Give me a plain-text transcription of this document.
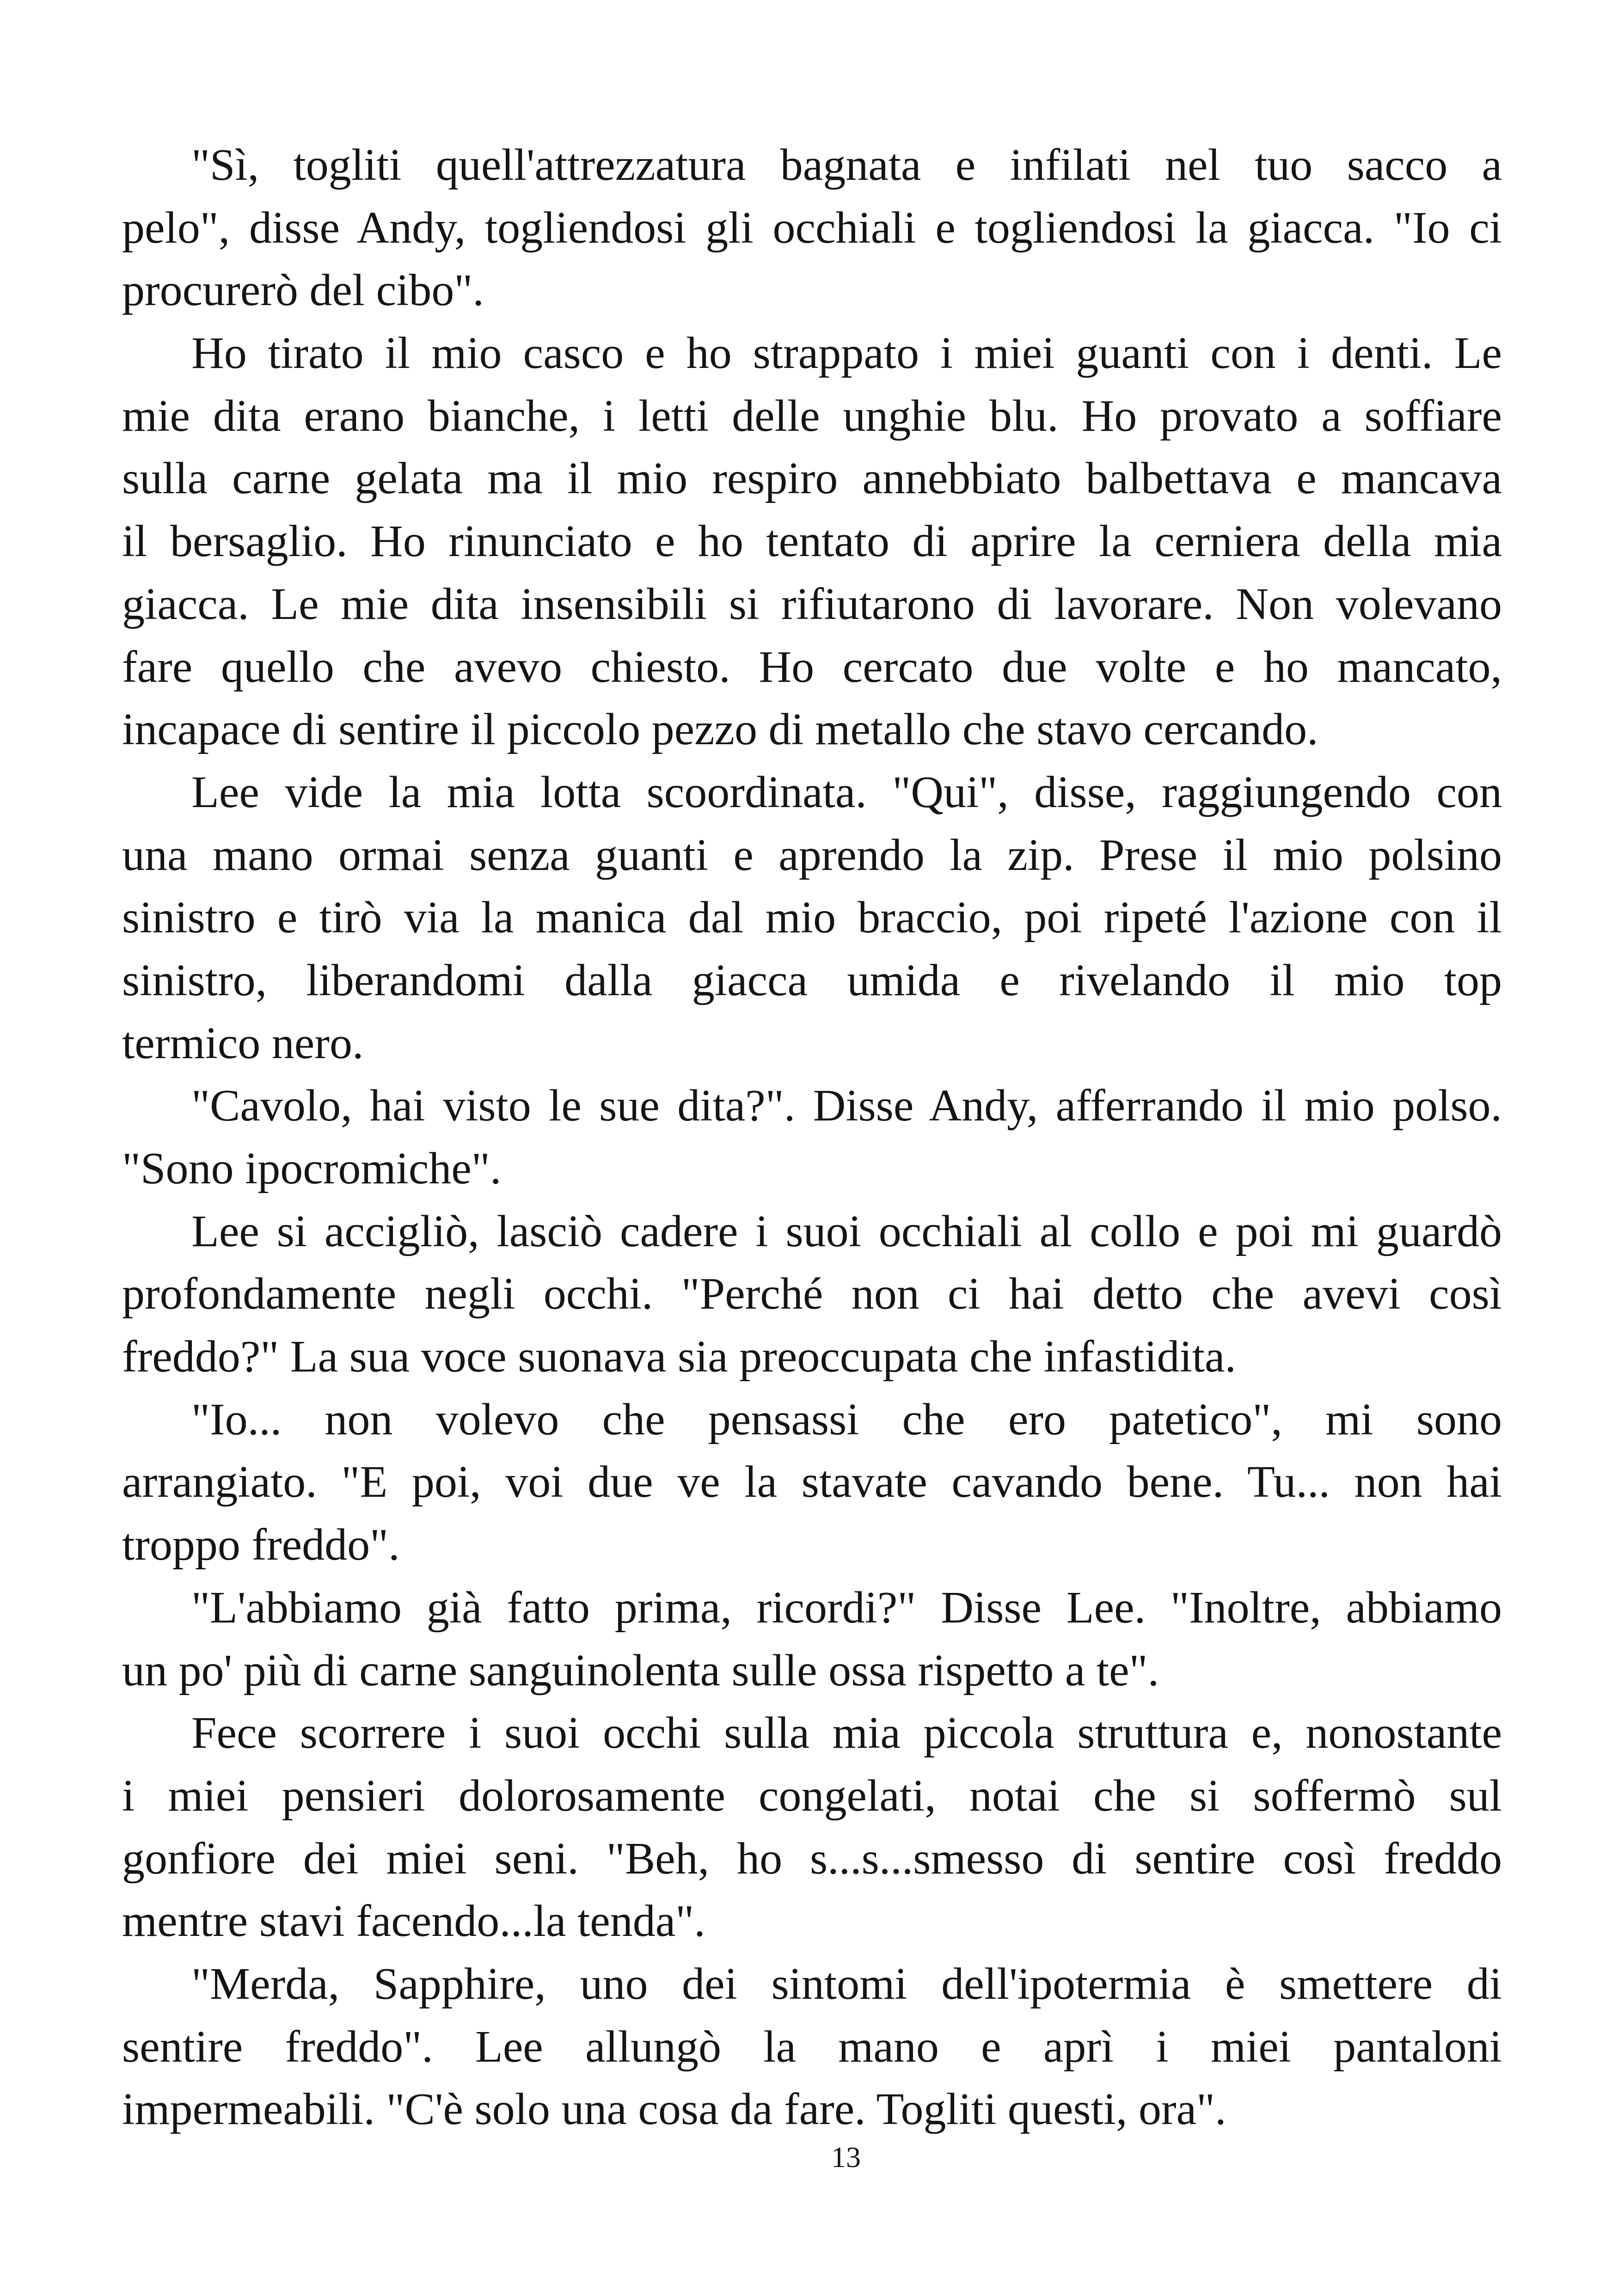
"Sì, togliti quell'attrezzatura bagnata e infilati nel tuo sacco a
pelo", disse Andy, togliendosi gli occhiali e togliendosi la giacca. "Io ci
procurerò del cibo".
Ho tirato il mio casco e ho strappato i miei guanti con i denti. Le
mie dita erano bianche, i letti delle unghie blu. Ho provato a soffiare
sulla carne gelata ma il mio respiro annebbiato balbettava e mancava
il bersaglio. Ho rinunciato e ho tentato di aprire la cerniera della mia
giacca. Le mie dita insensibili si rifiutarono di lavorare. Non volevano
fare quello che avevo chiesto. Ho cercato due volte e ho mancato,
incapace di sentire il piccolo pezzo di metallo che stavo cercando.
Lee vide la mia lotta scoordinata. "Qui", disse, raggiungendo con
una mano ormai senza guanti e aprendo la zip. Prese il mio polsino
sinistro e tirò via la manica dal mio braccio, poi ripeté l'azione con il
sinistro, liberandomi dalla giacca umida e rivelando il mio top
termico nero.
"Cavolo, hai visto le sue dita?". Disse Andy, afferrando il mio polso.
"Sono ipocromiche".
Lee si accigliò, lasciò cadere i suoi occhiali al collo e poi mi guardò
profondamente negli occhi. "Perché non ci hai detto che avevi così
freddo?" La sua voce suonava sia preoccupata che infastidita.
"Io... non volevo che pensassi che ero patetico", mi sono
arrangiato. "E poi, voi due ve la stavate cavando bene. Tu... non hai
troppo freddo".
"L'abbiamo già fatto prima, ricordi?" Disse Lee. "Inoltre, abbiamo
un po' più di carne sanguinolenta sulle ossa rispetto a te".
Fece scorrere i suoi occhi sulla mia piccola struttura e, nonostante
i miei pensieri dolorosamente congelati, notai che si soffermò sul
gonfiore dei miei seni. "Beh, ho s...s...smesso di sentire così freddo
mentre stavi facendo...la tenda".
"Merda, Sapphire, uno dei sintomi dell'ipotermia è smettere di
sentire freddo". Lee allungò la mano e aprì i miei pantaloni
impermeabili. "C'è solo una cosa da fare. Togliti questi, ora".
13
